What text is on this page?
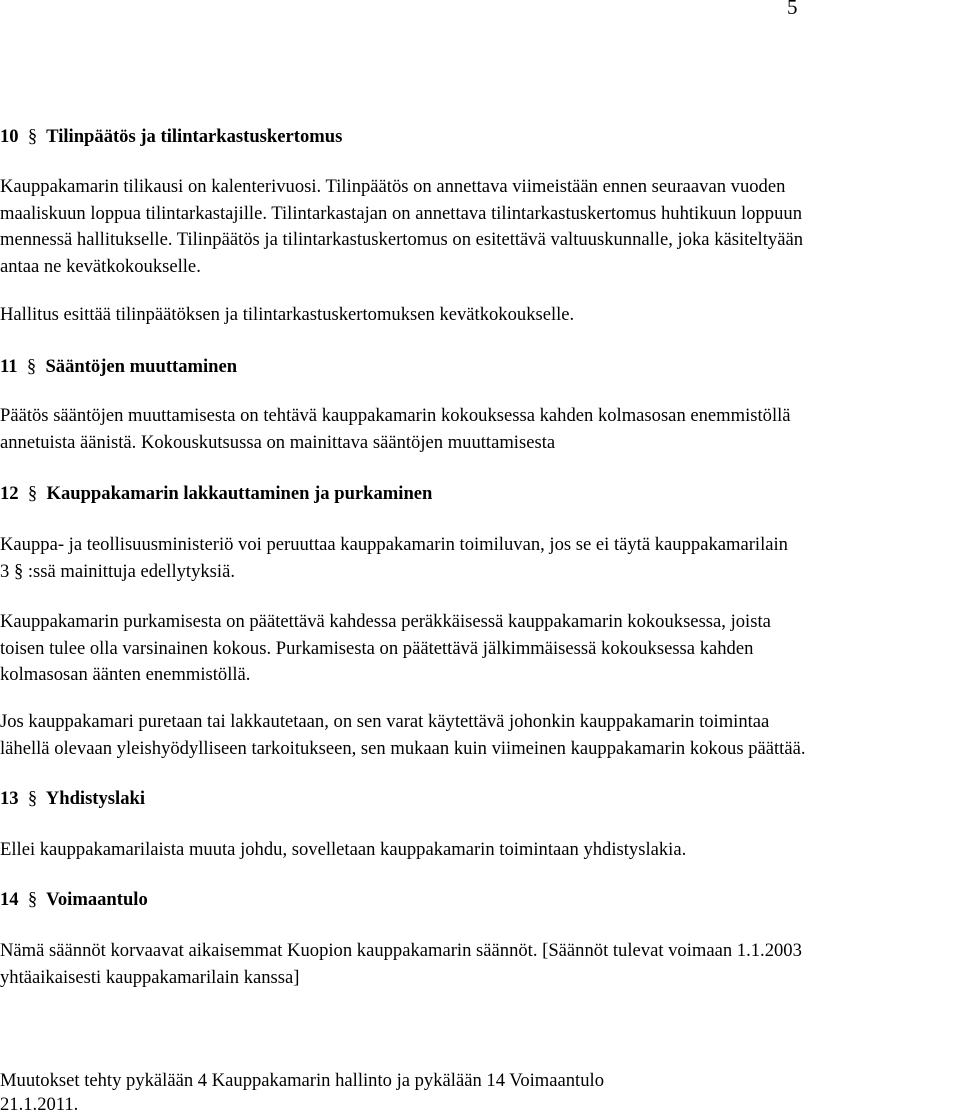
5
10 § Tilinpäätös ja tilintarkastuskertomus
Kauppakamarin tilikausi on kalenterivuosi. Tilinpäätös on annettava viimeistään ennen seuraavan vuoden
maaliskuun loppua tilintarkastajille. Tilintarkastajan on annettava tilintarkastuskertomus huhtikuun loppuun
mennessä hallitukselle. Tilinpäätös ja tilintarkastuskertomus on esitettävä valtuuskunnalle, joka käsiteltyään
antaa ne kevätkokoukselle.
Hallitus esittää tilinpäätöksen ja tilintarkastuskertomuksen kevätkokoukselle.
11 § Sääntöjen muuttaminen
Päätös sääntöjen muuttamisesta on tehtävä kauppakamarin kokouksessa kahden kolmasosan enemmistöllä
annetuista äänistä. Kokouskutsussa on mainittava sääntöjen muuttamisesta
12 § Kauppakamarin lakkauttaminen ja purkaminen
Kauppa- ja teollisuusministeriö voi peruuttaa kauppakamarin toimiluvan, jos se ei täytä kauppakamarilain
3 § :ssä mainittuja edellytyksiä.
Kauppakamarin purkamisesta on päätettävä kahdessa peräkkäisessä kauppakamarin kokouksessa, joista
toisen tulee olla varsinainen kokous. Purkamisesta on päätettävä jälkimmäisessä kokouksessa kahden
kolmasosan äänten enemmistöllä.
Jos kauppakamari puretaan tai lakkautetaan, on sen varat käytettävä johonkin kauppakamarin toimintaa
lähellä olevaan yleishyödylliseen tarkoitukseen, sen mukaan kuin viimeinen kauppakamarin kokous päättää.
13 § Yhdistyslaki
Ellei kauppakamarilaista muuta johdu, sovelletaan kauppakamarin toimintaan yhdistyslakia.
14 § Voimaantulo
Nämä säännöt korvaavat aikaisemmat Kuopion kauppakamarin säännöt. [Säännöt tulevat voimaan 1.1.2003
yhtäaikaisesti kauppakamarilain kanssa]
Muutokset tehty pykälään 4 Kauppakamarin hallinto ja pykälään 14 Voimaantulo
21.1.2011.
